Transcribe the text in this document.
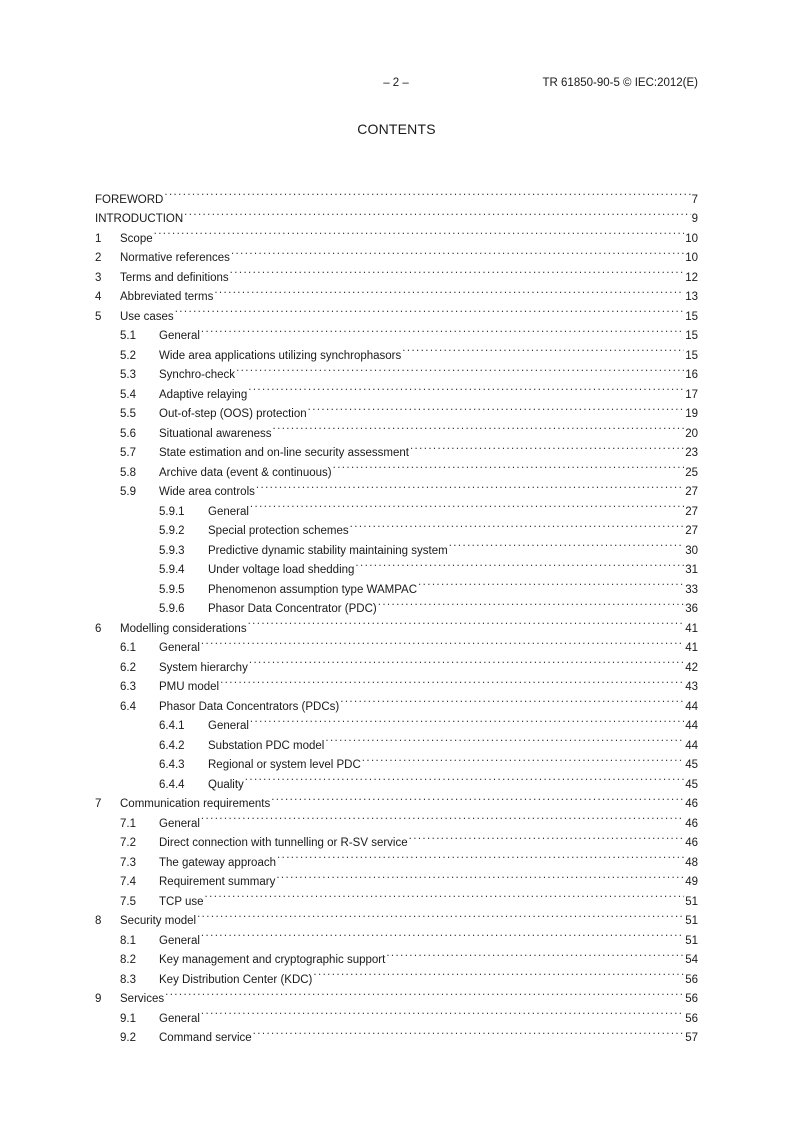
– 2 –	TR 61850-90-5 © IEC:2012(E)
CONTENTS
FOREWORD .....	7
INTRODUCTION .....	9
1	Scope .....	10
2	Normative references .....	10
3	Terms and definitions .....	12
4	Abbreviated terms .....	13
5	Use cases .....	15
5.1	General .....	15
5.2	Wide area applications utilizing synchrophasors .....	15
5.3	Synchro-check .....	16
5.4	Adaptive relaying .....	17
5.5	Out-of-step (OOS) protection .....	19
5.6	Situational awareness .....	20
5.7	State estimation and on-line security assessment .....	23
5.8	Archive data (event & continuous) .....	25
5.9	Wide area controls .....	27
5.9.1	General .....	27
5.9.2	Special protection schemes .....	27
5.9.3	Predictive dynamic stability maintaining system .....	30
5.9.4	Under voltage load shedding .....	31
5.9.5	Phenomenon assumption type WAMPAC .....	33
5.9.6	Phasor Data Concentrator (PDC) .....	36
6	Modelling considerations .....	41
6.1	General .....	41
6.2	System hierarchy .....	42
6.3	PMU model .....	43
6.4	Phasor Data Concentrators (PDCs) .....	44
6.4.1	General .....	44
6.4.2	Substation PDC model .....	44
6.4.3	Regional or system level PDC .....	45
6.4.4	Quality .....	45
7	Communication requirements .....	46
7.1	General .....	46
7.2	Direct connection with tunnelling or R-SV service .....	46
7.3	The gateway approach .....	48
7.4	Requirement summary .....	49
7.5	TCP use .....	51
8	Security model .....	51
8.1	General .....	51
8.2	Key management and cryptographic support .....	54
8.3	Key Distribution Center (KDC) .....	56
9	Services .....	56
9.1	General .....	56
9.2	Command service .....	57
